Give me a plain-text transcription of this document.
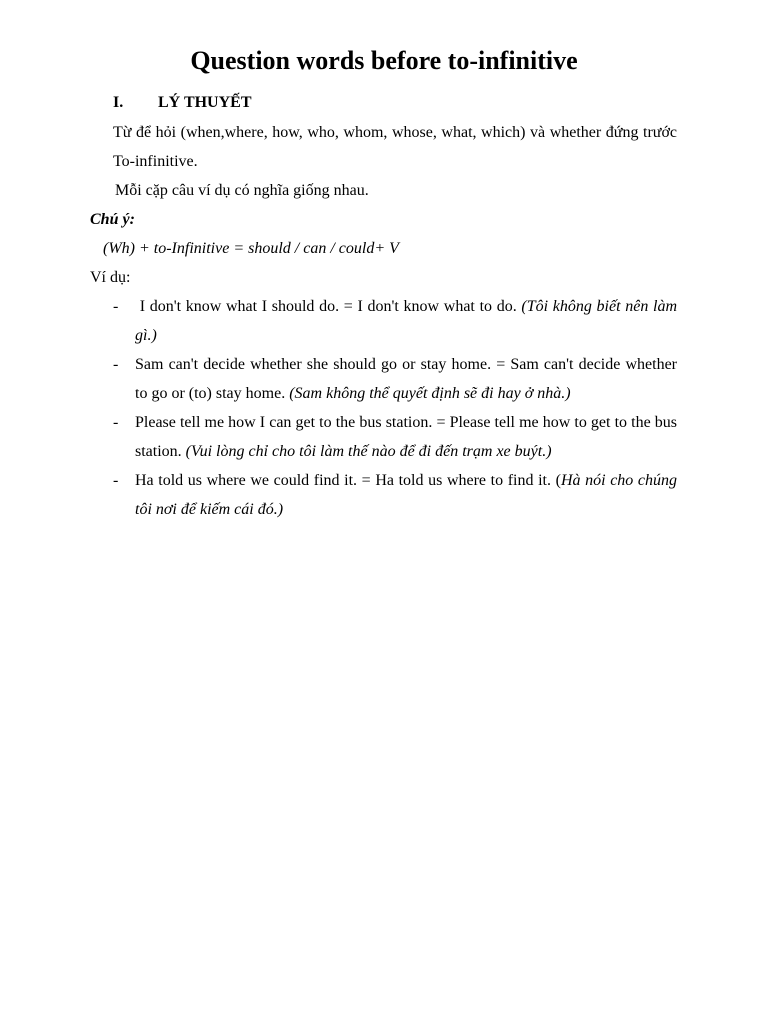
Question words before to-infinitive
I. LÝ THUYẾT
Từ để hỏi (when,where, how, who, whom, whose, what, which) và whether đứng trước To-infinitive.
Mỗi cặp câu ví dụ có nghĩa giống nhau.
Chú ý:
(Wh) + to-Infinitive = should / can / could+ V
Ví dụ:
- I don't know what I should do. = I don't know what to do. (Tôi không biết nên làm gì.)
- Sam can't decide whether she should go or stay home. = Sam can't decide whether to go or (to) stay home. (Sam không thể quyết định sẽ đi hay ở nhà.)
- Please tell me how I can get to the bus station. = Please tell me how to get to the bus station. (Vui lòng chỉ cho tôi làm thế nào để đi đến trạm xe buýt.)
- Ha told us where we could find it. = Ha told us where to find it. (Hà nói cho chúng tôi nơi để kiếm cái đó.)
